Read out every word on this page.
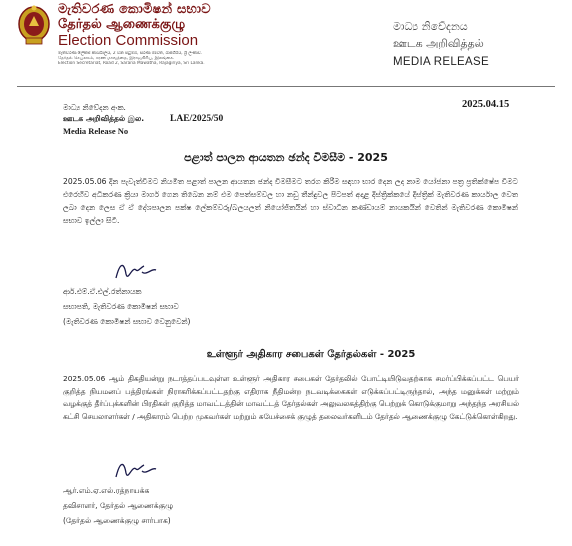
මැතිවරණ කොමිෂන් සභාව
தேர்தல் ஆணைக்குழு
Election Commission
මැතිවරණ ලේකම් කාර්යාලය, 2 වන පටුමග, සරණ මාවත, රාජගිරිය, ශ්‍රී ලංකාව.
தேர்தல் செயலகம், சரண மாவத்தை, இராஜகிரிய, இலங்கை.
Election Secretariat, Road 2, Sarana Mawatha, Rajagiriya, Sri Lanka.
මාධ්‍ය නිවේදනය
ஊடக அறிவித்தல்
MEDIA RELEASE
මාධ්‍ය නිවේදන අංක.
ஊடக அறிவித்தல் இல.
Media Release No
LAE/2025/50
2025.04.15
පළාත් පාලන ආයතන ඡන්ද විමසීම - 2025
2025.05.06 දින පැවැත්වීමට නියමිත පළාත් පාලන ආයතන ඡන්ද විමසීමට තරග කිරීම සඳහා භාර දෙන ලද නාම යෝජනා පත්‍ර ප්‍රතික්ෂේප වීමට එරෙහිව අධිකරණ ක්‍රියා මාර්ග ගෙන තිබෙන නම් එම පෙත්සම්වල හා නඩු තීන්දුවල පිටපත් අදාළ දිස්ත්‍රික්කයේ දිස්ත්‍රික් මැතිවරණ කාර්යාල වෙත ලබා දෙන ලෙස ඒ ඒ දේශපාලන පක්ෂ ලේකම්වරු/බලයලත් නියෝජිතයින් හා ස්වාධීන කණ්ඩායම් නායකයින් වෙතින් මැතිවරණ කොමිෂන් සභාව ඉල්ලා සිටී.
ආර්.එම්.ඒ.එල්.රත්නායක
සභාපති, මැතිවරණ කොමිෂන් සභාව
(මැතිවරණ කොමිෂන් සභාව වෙනුවෙන්)
உள்ளூர் அதிகார சபைகள் தேர்தல்கள் - 2025
2025.05.06 ஆம் திகதியன்று நடாத்தப்படவுள்ள உள்ளூர் அதிகார சபைகள் தேர்தலில் போட்டியிடுவதற்காக சமர்ப்பிக்கப்பட்ட பெயர் குறித்த நியமனப் பத்திரங்கள் நிராகரிக்கப்பட்டதற்கு எதிராக நீதிமன்ற நடவடிக்கைகள் எடுக்கப்பட்டிருந்தால், அந்த மனுக்கள் மற்றும் வழக்குத் தீர்ப்புக்களின் பிரதிகள் குறித்த மாவட்டத்தின் மாவட்டத் தேர்தல்கள் அலுவலகத்திற்கு பெற்றுக் கொடுக்குமாறு அந்தந்த அரசியல் கட்சி செயலாளர்கள் / அதிகாரம் பெற்ற முகவர்கள் மற்றும் சுயேச்சைக் குழுத் தலைவர்களிடம் தேர்தல் ஆணைக்குழு கேட்டுக்கொள்கிறது.
ஆர்.எம்.ஏ.எல்.ரத்நாயக்க
தவிசாளர், தேர்தல் ஆணைக்குழு
(தேர்தல் ஆணைக்குழு சார்பாக)
